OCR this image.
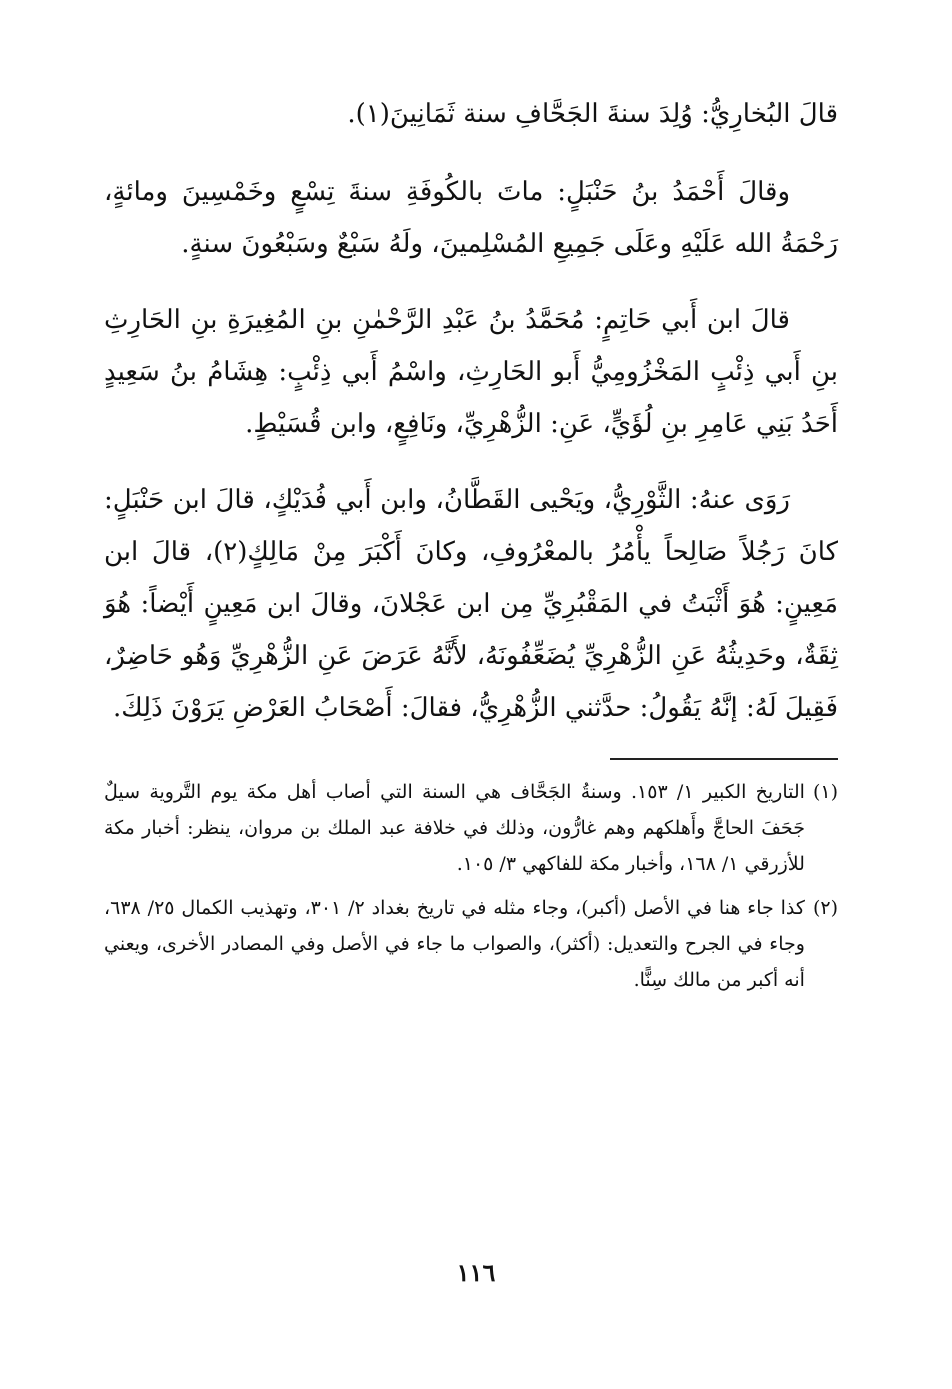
قالَ البُخارِيُّ: وُلِدَ سنةَ الجَحَّافِ سنة ثَمَانِينَ(١).

وقالَ أَحْمَدُ بنُ حَنْبَلٍ: ماتَ بالكُوفَةِ سنةَ تِسْعٍ وخَمْسِينَ ومائةٍ، رَحْمَةُ الله عَلَيْهِ وعَلَى جَمِيعِ المُسْلِمينَ، ولَهُ سَبْعٌ وسَبْعُونَ سنةٍ.

قالَ ابن أَبي حَاتِمٍ: مُحَمَّدُ بنُ عَبْدِ الرَّحْمٰنِ بنِ المُغِيرَةِ بنِ الحَارِثِ بنِ أَبي ذِئْبٍ المَخْزُومِيُّ أَبو الحَارِثِ، واسْمُ أَبي ذِئْبٍ: هِشَامُ بنُ سَعِيدٍ أَحَدُ بَنِي عَامِرِ بنِ لُؤَيٍّ، عَنِ: الزُّهْرِيِّ، ونَافِعٍ، وابن قُسَيْطٍ.

رَوَى عنهُ: الثَّوْرِيُّ، ويَحْيى القَطَّانُ، وابن أَبي فُدَيْكٍ، قالَ ابن حَنْبَلٍ: كانَ رَجُلاً صَالِحاً يأْمُرُ بالمعْرُوفِ، وكانَ أَكْبَرَ مِنْ مَالِكٍ(٢)، قالَ ابن مَعِينٍ: هُوَ أَثْبَتُ في المَقْبُرِيِّ مِن ابن عَجْلانَ، وقالَ ابن مَعِينٍ أَيْضاً: هُوَ ثِقَةٌ، وحَدِيثُهُ عَنِ الزُّهْرِيِّ يُضَعِّفُونَهُ، لأَنَّهُ عَرَضَ عَنِ الزُّهْرِيِّ وَهُو حَاضِرٌ، فَقِيلَ لَهُ: إنَّهُ يَقُولُ: حدَّثني الزُّهْرِيُّ، فقالَ: أَصْحَابُ العَرْضِ يَرَوْنَ ذَلِكَ.

(١)
التاريخ الكبير ١/ ١٥٣. وسنةُ الجَحَّاف هي السنة التي أصاب أهل مكة يوم التَّروية سيلٌ جَحَفَ الحاجَّ وأَهلكهم وهم غارُّون، وذلك في خلافة عبد الملك بن مروان، ينظر: أخبار مكة للأزرقي ١/ ١٦٨، وأخبار مكة للفاكهي ٣/ ١٠٥.
(٢)
كذا جاء هنا في الأصل (أكبر)، وجاء مثله في تاريخ بغداد ٢/ ٣٠١، وتهذيب الكمال ٢٥/ ٦٣٨، وجاء في الجرح والتعديل: (أكثر)، والصواب ما جاء في الأصل وفي المصادر الأخرى، ويعني أنه أكبر من مالك سِنًّا.
١١٦
